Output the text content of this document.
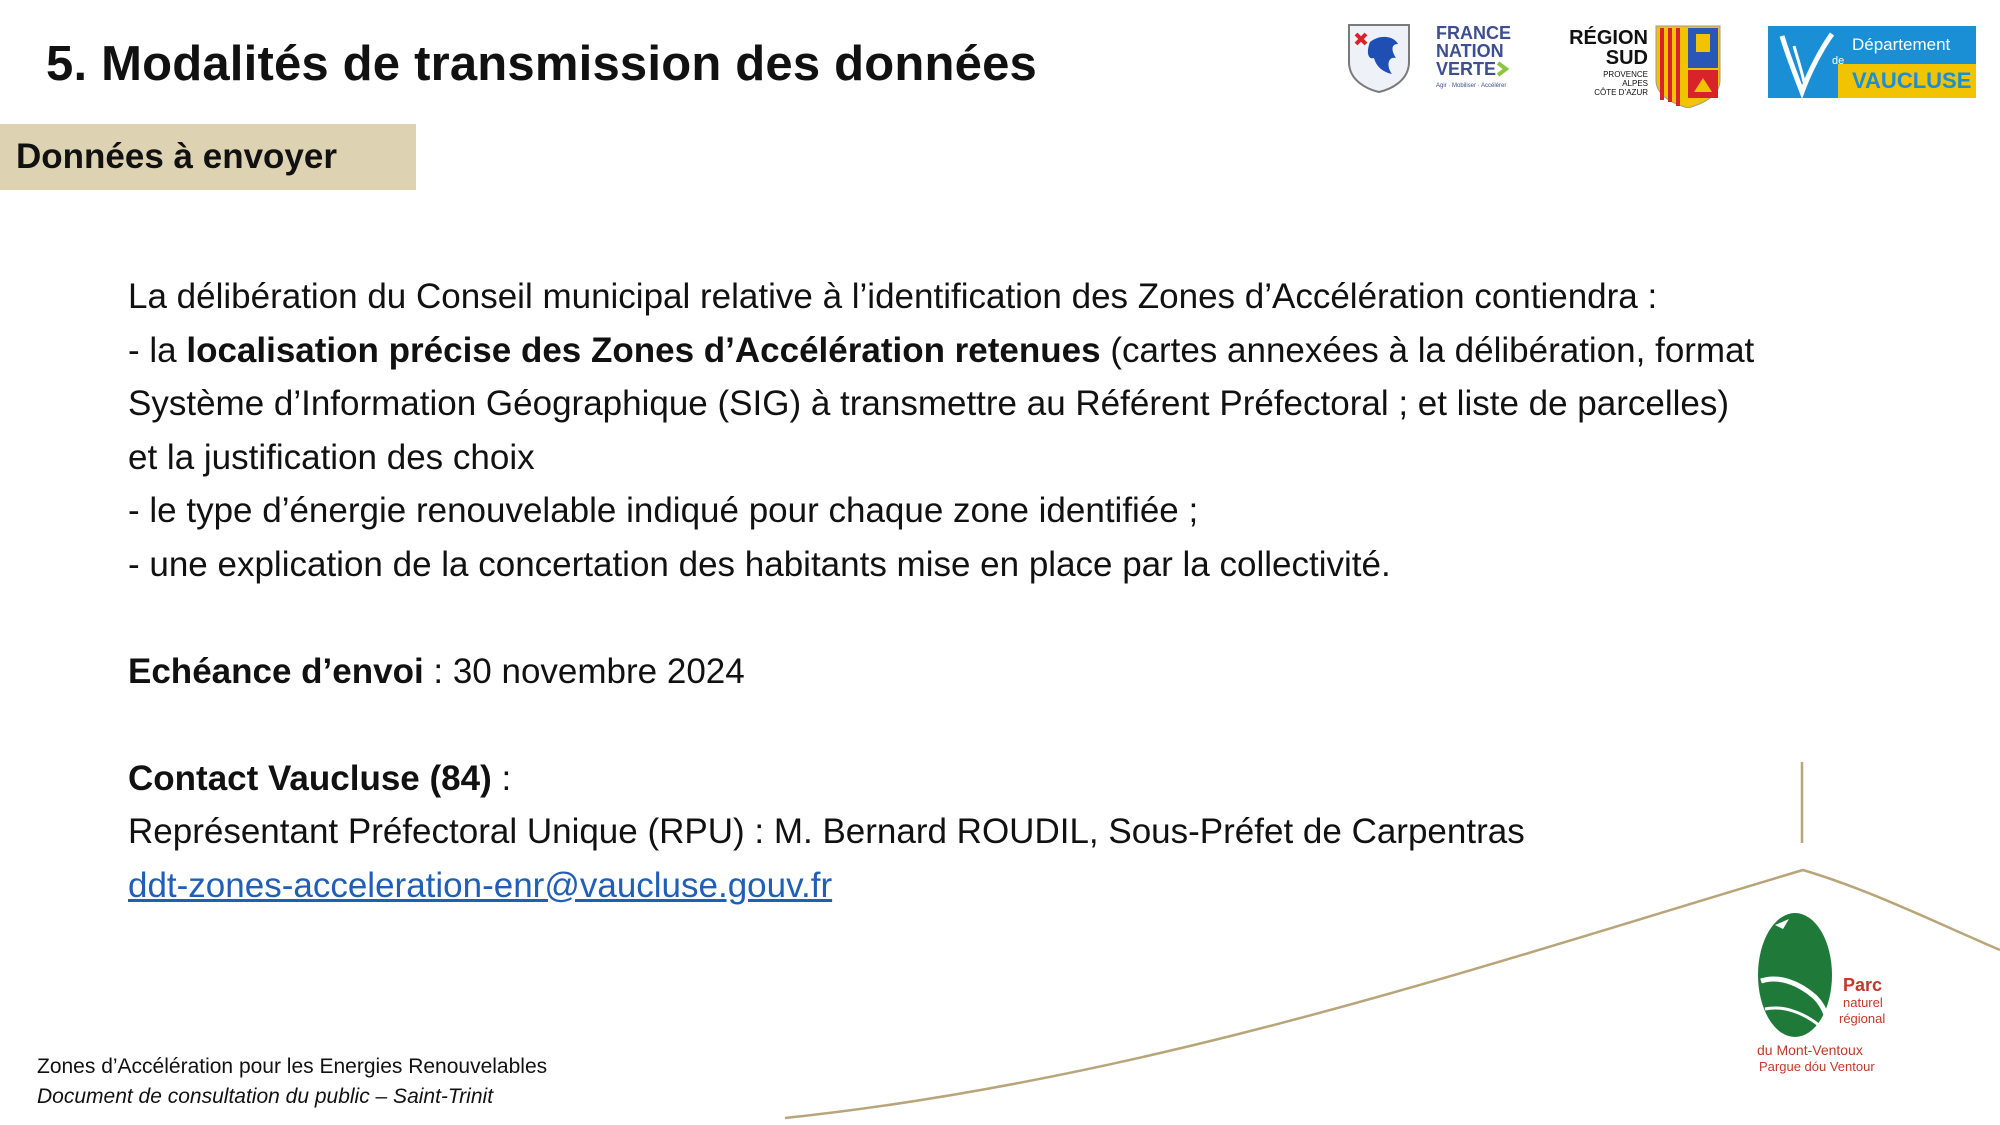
5. Modalités de transmission des données
Données à envoyer
FRANCE
NATION
VERTE
Agir · Mobiliser · Accélérer
RÉGION
SUD
PROVENCE
ALPES
CÔTE D’AZUR
Département
de
VAUCLUSE

La délibération du Conseil municipal relative à l’identification des Zones d’Accélération contiendra :

- la localisation précise des Zones d’Accélération retenues (cartes annexées à la délibération, format

Système d’Information Géographique (SIG) à transmettre au Référent Préfectoral ; et liste de parcelles)

et la justification des choix

- le type d’énergie renouvelable indiqué pour chaque zone identifiée ;

- une explication de la concertation des habitants mise en place par la collectivité.

Echéance d’envoi : 30 novembre 2024

Contact Vaucluse (84) :

Représentant Préfectoral Unique (RPU) : M. Bernard ROUDIL, Sous-Préfet de Carpentras

ddt-zones-acceleration-enr@vaucluse.gouv.fr

Parc
naturel
régional
du Mont-Ventoux
Pargue dóu Ventour
Zones d’Accélération pour les Energies Renouvelables
Document de consultation du public – Saint-Trinit
